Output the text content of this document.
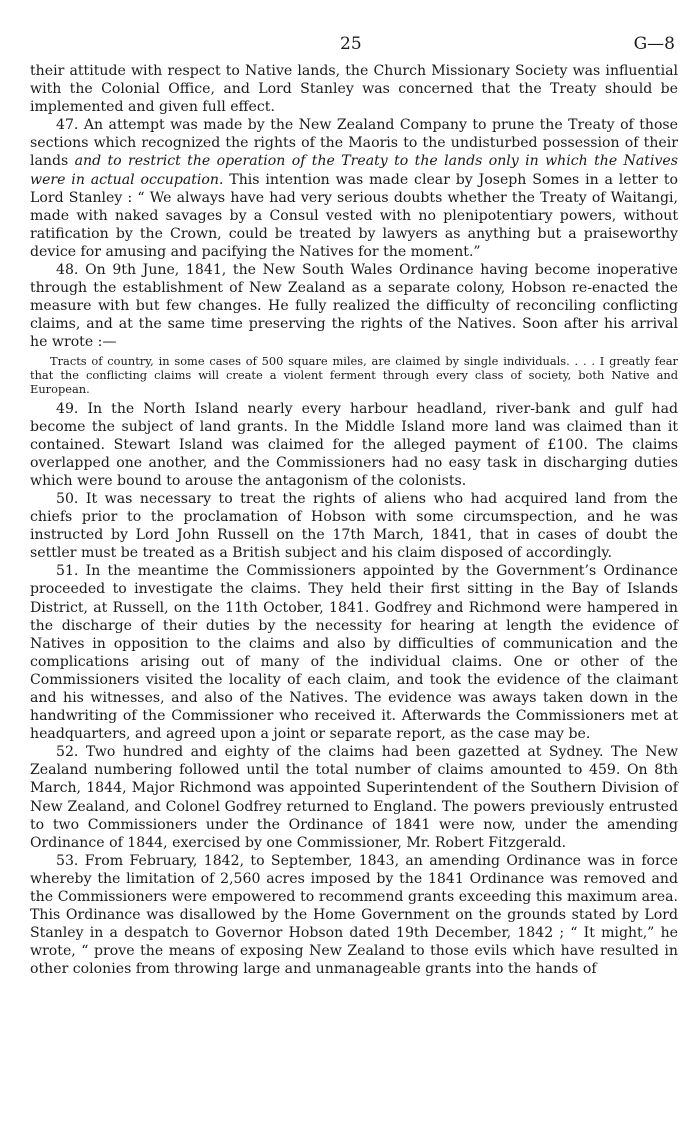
25	G—8

their attitude with respect to Native lands, the Church Missionary Society was influential with the Colonial Office, and Lord Stanley was concerned that the Treaty should be implemented and given full effect.

47. An attempt was made by the New Zealand Company to prune the Treaty of those sections which recognized the rights of the Maoris to the undisturbed possession of their lands and to restrict the operation of the Treaty to the lands only in which the Natives were in actual occupation. This intention was made clear by Joseph Somes in a letter to Lord Stanley : “ We always have had very serious doubts whether the Treaty of Waitangi, made with naked savages by a Consul vested with no plenipotentiary powers, without ratification by the Crown, could be treated by lawyers as anything but a praiseworthy device for amusing and pacifying the Natives for the moment.”

48. On 9th June, 1841, the New South Wales Ordinance having become inoperative through the establishment of New Zealand as a separate colony, Hobson re-enacted the measure with but few changes. He fully realized the difficulty of reconciling conflicting claims, and at the same time preserving the rights of the Natives. Soon after his arrival he wrote :—

Tracts of country, in some cases of 500 square miles, are claimed by single individuals. . . . I greatly fear that the conflicting claims will create a violent ferment through every class of society, both Native and European.

49. In the North Island nearly every harbour headland, river-bank and gulf had become the subject of land grants. In the Middle Island more land was claimed than it contained. Stewart Island was claimed for the alleged payment of £100. The claims overlapped one another, and the Commissioners had no easy task in discharging duties which were bound to arouse the antagonism of the colonists.

50. It was necessary to treat the rights of aliens who had acquired land from the chiefs prior to the proclamation of Hobson with some circumspection, and he was instructed by Lord John Russell on the 17th March, 1841, that in cases of doubt the settler must be treated as a British subject and his claim disposed of accordingly.

51. In the meantime the Commissioners appointed by the Government’s Ordinance proceeded to investigate the claims. They held their first sitting in the Bay of Islands District, at Russell, on the 11th October, 1841. Godfrey and Richmond were hampered in the discharge of their duties by the necessity for hearing at length the evidence of Natives in opposition to the claims and also by difficulties of communication and the complications arising out of many of the individual claims. One or other of the Commissioners visited the locality of each claim, and took the evidence of the claimant and his witnesses, and also of the Natives. The evidence was aways taken down in the handwriting of the Commissioner who received it. Afterwards the Commissioners met at headquarters, and agreed upon a joint or separate report, as the case may be.

52. Two hundred and eighty of the claims had been gazetted at Sydney. The New Zealand numbering followed until the total number of claims amounted to 459. On 8th March, 1844, Major Richmond was appointed Superintendent of the Southern Division of New Zealand, and Colonel Godfrey returned to England. The powers previously entrusted to two Commissioners under the Ordinance of 1841 were now, under the amending Ordinance of 1844, exercised by one Commissioner, Mr. Robert Fitzgerald.

53. From February, 1842, to September, 1843, an amending Ordinance was in force whereby the limitation of 2,560 acres imposed by the 1841 Ordinance was removed and the Commissioners were empowered to recommend grants exceeding this maximum area. This Ordinance was disallowed by the Home Government on the grounds stated by Lord Stanley in a despatch to Governor Hobson dated 19th December, 1842 ; “ It might,” he wrote, “ prove the means of exposing New Zealand to those evils which have resulted in other colonies from throwing large and unmanageable grants into the hands of
